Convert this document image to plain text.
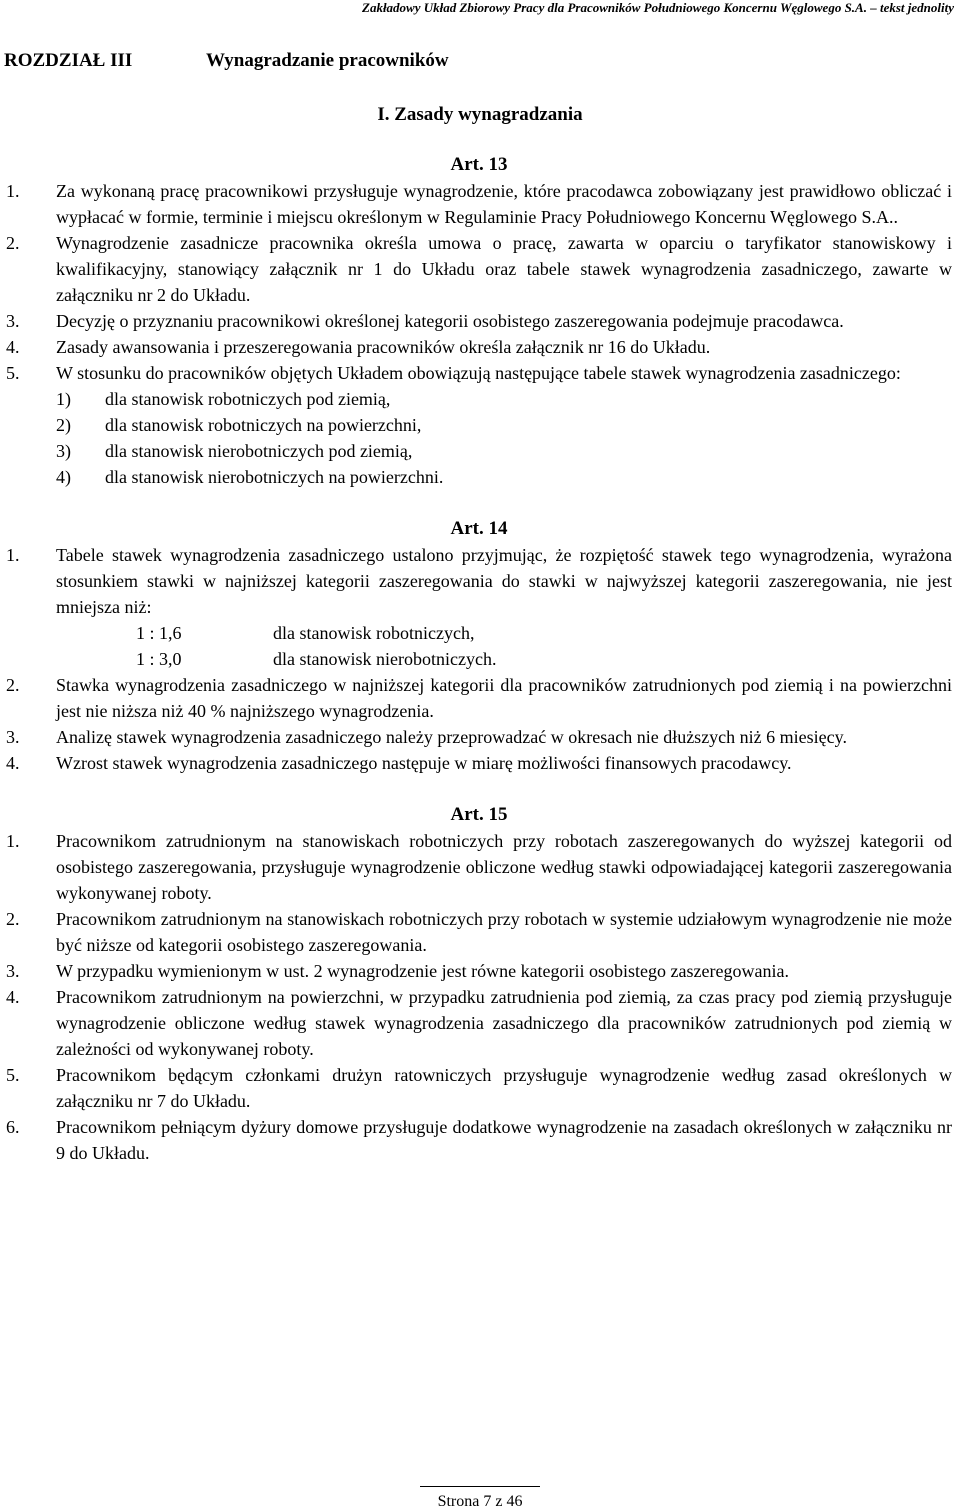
Zakładowy Układ Zbiorowy Pracy dla Pracowników Południowego Koncernu Węglowego S.A. – tekst jednolity
ROZDZIAŁ III	Wynagradzanie pracowników
I. Zasady wynagradzania
Art. 13
1. Za wykonaną pracę pracownikowi przysługuje wynagrodzenie, które pracodawca zobowiązany jest prawidłowo obliczać i wypłacać w formie, terminie i miejscu określonym w Regulaminie Pracy Południowego Koncernu Węglowego S.A..
2. Wynagrodzenie zasadnicze pracownika określa umowa o pracę, zawarta w oparciu o taryfikator stanowiskowy i kwalifikacyjny, stanowiący załącznik nr 1 do Układu oraz tabele stawek wynagrodzenia zasadniczego, zawarte w załączniku nr 2 do Układu.
3. Decyzję o przyznaniu pracownikowi określonej kategorii osobistego zaszeregowania podejmuje pracodawca.
4. Zasady awansowania i przeszeregowania pracowników określa załącznik nr 16 do Układu.
5. W stosunku do pracowników objętych Układem obowiązują następujące tabele stawek wynagrodzenia zasadniczego:
1) dla stanowisk robotniczych pod ziemią,
2) dla stanowisk robotniczych na powierzchni,
3) dla stanowisk nierobotniczych pod ziemią,
4) dla stanowisk nierobotniczych na powierzchni.
Art. 14
1. Tabele stawek wynagrodzenia zasadniczego ustalono przyjmując, że rozpiętość stawek tego wynagrodzenia, wyrażona stosunkiem stawki w najniższej kategorii zaszeregowania do stawki w najwyższej kategorii zaszeregowania, nie jest mniejsza niż:
1 : 1,6	dla stanowisk robotniczych,
1 : 3,0	dla stanowisk nierobotniczych.
2. Stawka wynagrodzenia zasadniczego w najniższej kategorii dla pracowników zatrudnionych pod ziemią i na powierzchni jest nie niższa niż 40 % najniższego wynagrodzenia.
3. Analizę stawek wynagrodzenia zasadniczego należy przeprowadzać w okresach nie dłuższych niż 6 miesięcy.
4. Wzrost stawek wynagrodzenia zasadniczego następuje w miarę możliwości finansowych pracodawcy.
Art. 15
1. Pracownikom zatrudnionym na stanowiskach robotniczych przy robotach zaszeregowanych do wyższej kategorii od osobistego zaszeregowania, przysługuje wynagrodzenie obliczone według stawki odpowiadającej kategorii zaszeregowania wykonywanej roboty.
2. Pracownikom zatrudnionym na stanowiskach robotniczych przy robotach w systemie udziałowym wynagrodzenie nie może być niższe od kategorii osobistego zaszeregowania.
3. W przypadku wymienionym w ust. 2 wynagrodzenie jest równe kategorii osobistego zaszeregowania.
4. Pracownikom zatrudnionym na powierzchni, w przypadku zatrudnienia pod ziemią, za czas pracy pod ziemią przysługuje wynagrodzenie obliczone według stawek wynagrodzenia zasadniczego dla pracowników zatrudnionych pod ziemią w zależności od wykonywanej roboty.
5. Pracownikom będącym członkami drużyn ratowniczych przysługuje wynagrodzenie według zasad określonych w załączniku nr 7 do Układu.
6. Pracownikom pełniącym dyżury domowe przysługuje dodatkowe wynagrodzenie na zasadach określonych w załączniku nr 9 do Układu.
Strona 7 z 46
